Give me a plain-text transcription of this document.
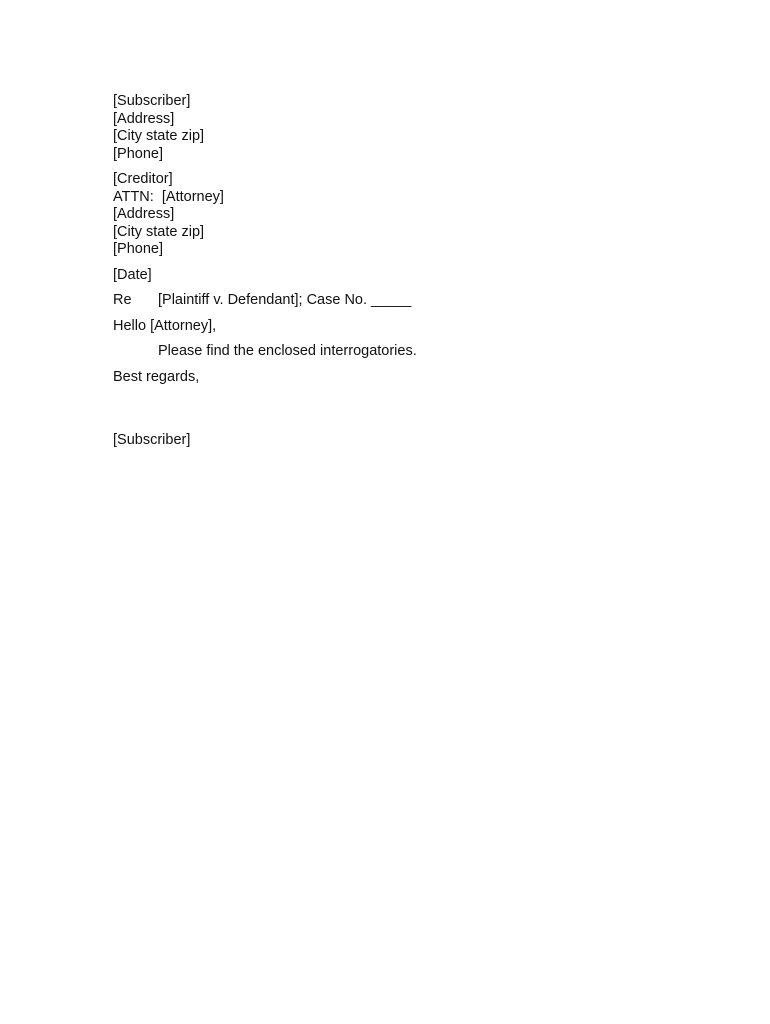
[Subscriber]
[Address]
[City state zip]
[Phone]
[Creditor]
ATTN:  [Attorney]
[Address]
[City state zip]
[Phone]
[Date]
Re	[Plaintiff v. Defendant]; Case No. _____
Hello [Attorney],
Please find the enclosed interrogatories.
Best regards,
[Subscriber]
